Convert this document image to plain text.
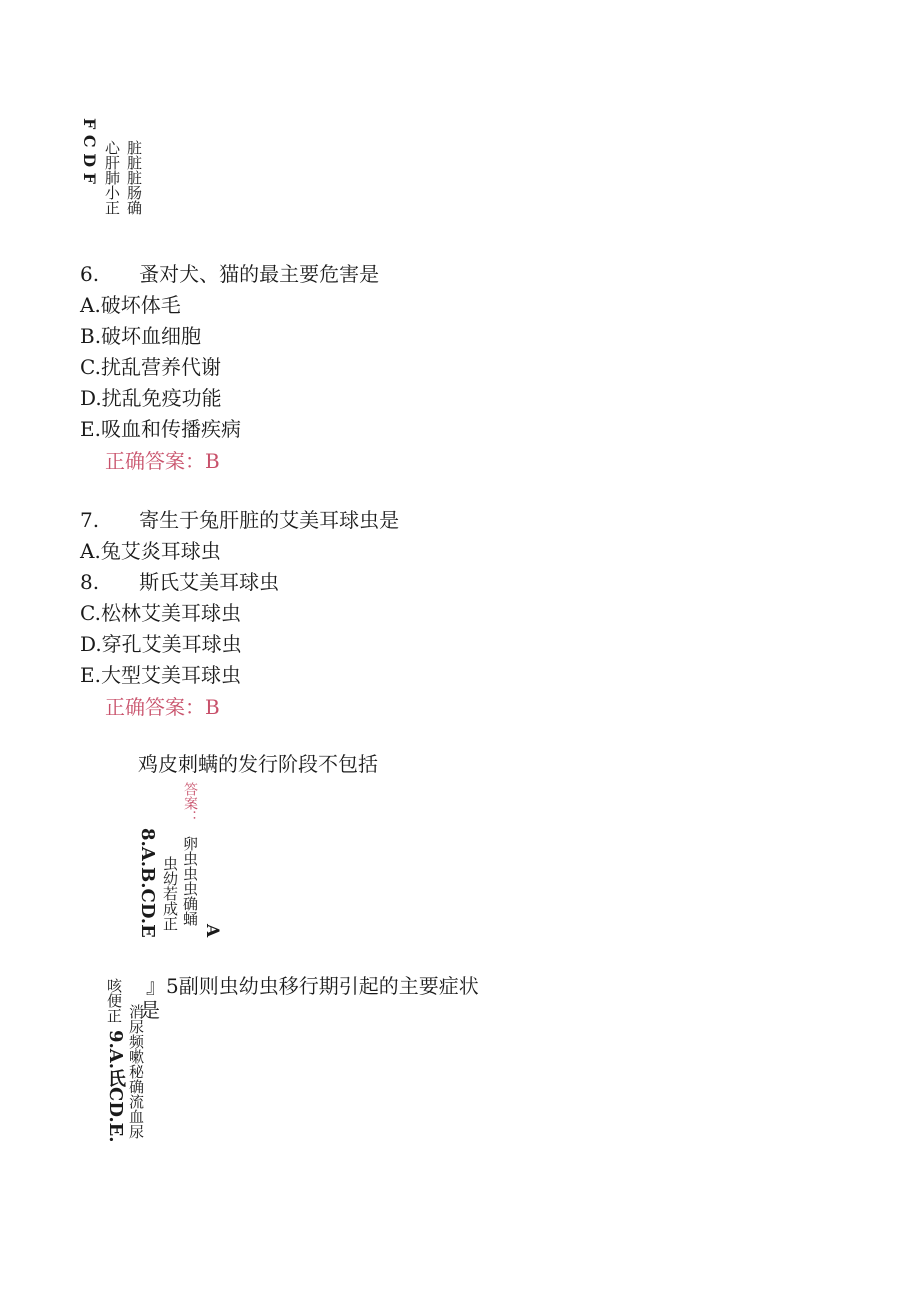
F C D F 心肝肺小正 脏脏脏肠确
6.　　蚤对犬、猫的最主要危害是
A.破坏体毛
B.破坏血细胞
C.扰乱营养代谢
D.扰乱免疫功能
E.吸血和传播疾病
正确答案：B
7.　　寄生于兔肝脏的艾美耳球虫是
A.兔艾炎耳球虫
8.　　斯氏艾美耳球虫
C.松林艾美耳球虫
D.穿孔艾美耳球虫
E.大型艾美耳球虫
正确答案：B
鸡皮刺螨的发行阶段不包括
8.A.B.CD.E 虫幼若成正 卵虫虫虫确蛹
答案：
A
』5副则虫幼虫移行期引起的主要症状
是
咳便正
9.A.氏CD.E. 消尿频嗽秘确流血尿
